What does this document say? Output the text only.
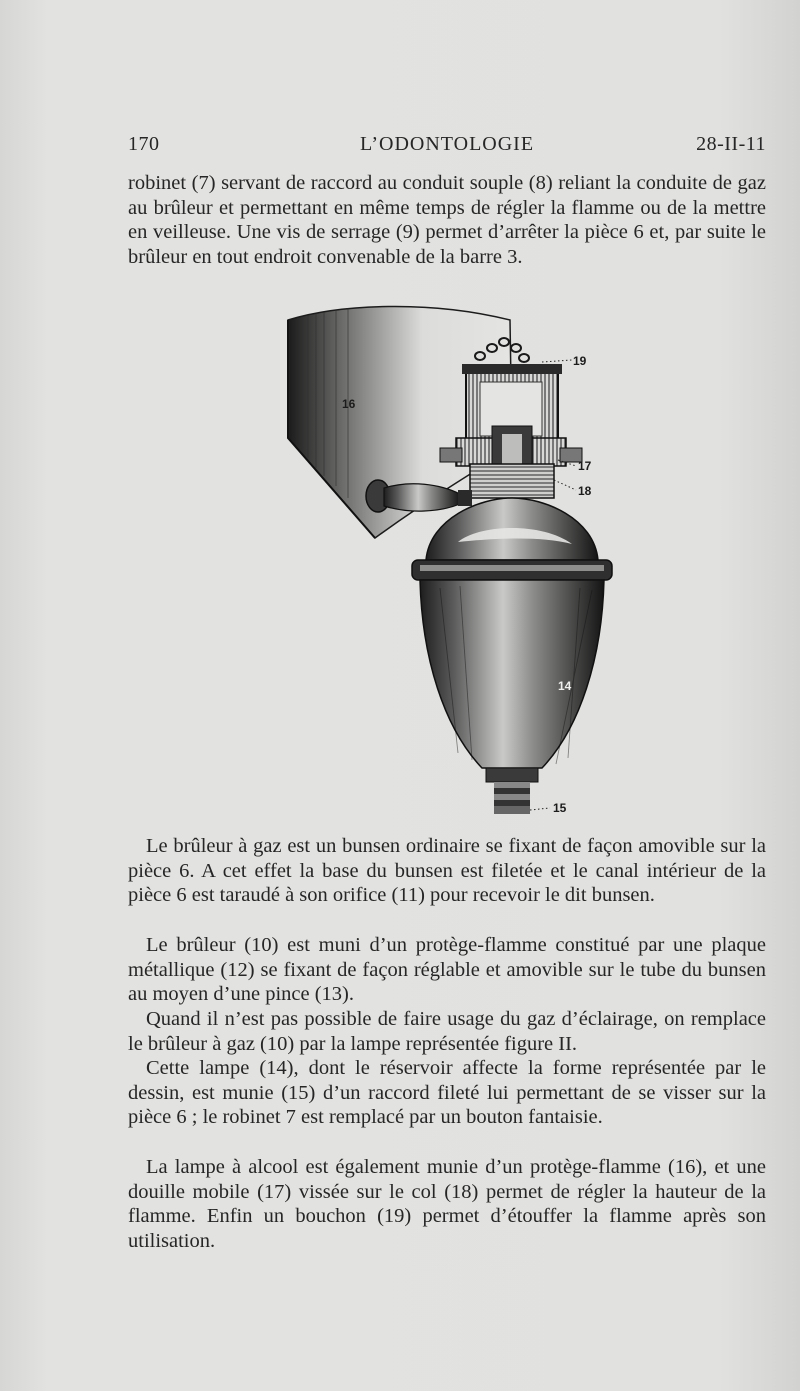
170	L’ODONTOLOGIE	28-II-11

robinet (7) servant de raccord au conduit souple (8) reliant la conduite de gaz au brûleur et permettant en même temps de régler la flamme ou de la mettre en veilleuse. Une vis de serrage (9) permet d’arrêter la pièce 6 et, par suite le brûleur en tout endroit convenable de la barre 3.

16
19
17
18
14
15

Le brûleur à gaz est un bunsen ordinaire se fixant de façon amovible sur la pièce 6. A cet effet la base du bunsen est filetée et le canal intérieur de la pièce 6 est taraudé à son orifice (11) pour recevoir le dit bunsen.

Le brûleur (10) est muni d’un protège-flamme constitué par une plaque métallique (12) se fixant de façon réglable et amovible sur le tube du bunsen au moyen d’une pince (13).

Quand il n’est pas possible de faire usage du gaz d’éclairage, on remplace le brûleur à gaz (10) par la lampe représentée figure II.

Cette lampe (14), dont le réservoir affecte la forme représentée par le dessin, est munie (15) d’un raccord fileté lui permettant de se visser sur la pièce 6 ; le robinet 7 est remplacé par un bouton fantaisie.

La lampe à alcool est également munie d’un protège-flamme (16), et une douille mobile (17) vissée sur le col (18) permet de régler la hauteur de la flamme. Enfin un bouchon (19) permet d’étouffer la flamme après son utilisation.
